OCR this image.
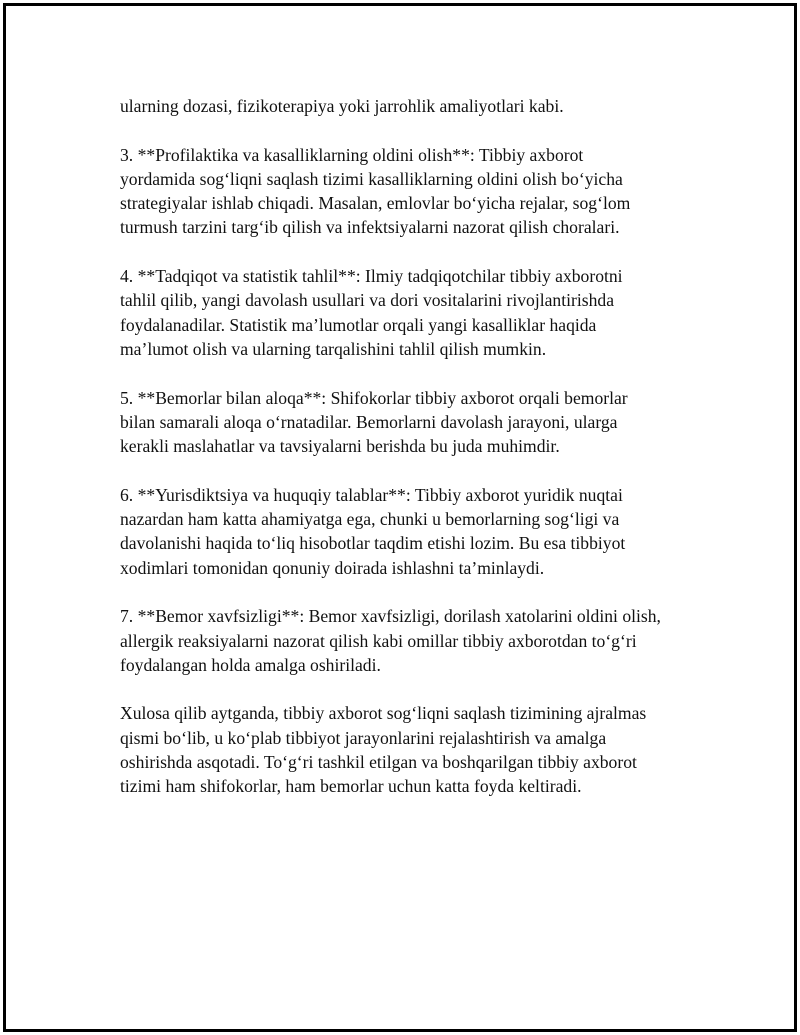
ularning dozasi, fizikoterapiya yoki jarrohlik amaliyotlari kabi.

3. **Profilaktika va kasalliklarning oldini olish**: Tibbiy axborot
yordamida sog‘liqni saqlash tizimi kasalliklarning oldini olish bo‘yicha
strategiyalar ishlab chiqadi. Masalan, emlovlar bo‘yicha rejalar, sog‘lom
turmush tarzini targ‘ib qilish va infektsiyalarni nazorat qilish choralari.

4. **Tadqiqot va statistik tahlil**: Ilmiy tadqiqotchilar tibbiy axborotni
tahlil qilib, yangi davolash usullari va dori vositalarini rivojlantirishda
foydalanadilar. Statistik ma’lumotlar orqali yangi kasalliklar haqida
ma’lumot olish va ularning tarqalishini tahlil qilish mumkin.

5. **Bemorlar bilan aloqa**: Shifokorlar tibbiy axborot orqali bemorlar
bilan samarali aloqa o‘rnatadilar. Bemorlarni davolash jarayoni, ularga
kerakli maslahatlar va tavsiyalarni berishda bu juda muhimdir.

6. **Yurisdiktsiya va huquqiy talablar**: Tibbiy axborot yuridik nuqtai
nazardan ham katta ahamiyatga ega, chunki u bemorlarning sog‘ligi va
davolanishi haqida to‘liq hisobotlar taqdim etishi lozim. Bu esa tibbiyot
xodimlari tomonidan qonuniy doirada ishlashni ta’minlaydi.

7. **Bemor xavfsizligi**: Bemor xavfsizligi, dorilash xatolarini oldini olish,
allergik reaksiyalarni nazorat qilish kabi omillar tibbiy axborotdan to‘g‘ri
foydalangan holda amalga oshiriladi.

Xulosa qilib aytganda, tibbiy axborot sog‘liqni saqlash tizimining ajralmas
qismi bo‘lib, u ko‘plab tibbiyot jarayonlarini rejalashtirish va amalga
oshirishda asqotadi. To‘g‘ri tashkil etilgan va boshqarilgan tibbiy axborot
tizimi ham shifokorlar, ham bemorlar uchun katta foyda keltiradi.
